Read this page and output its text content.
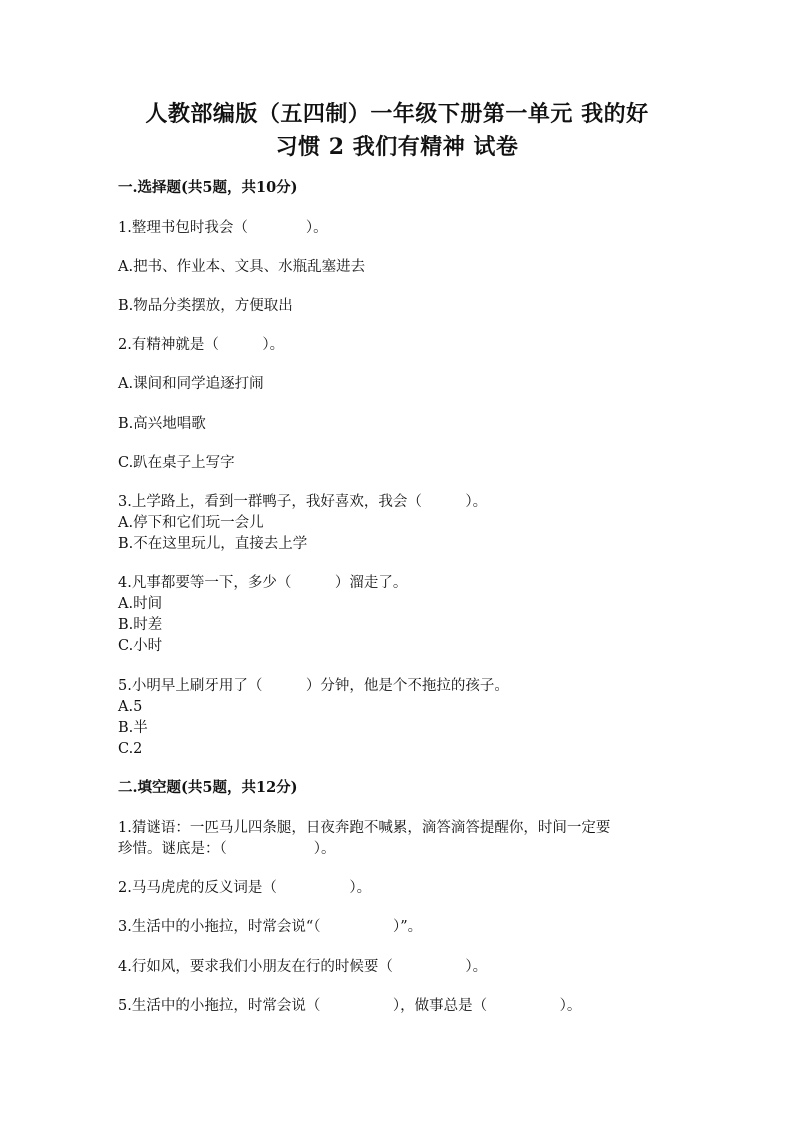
人教部编版（五四制）一年级下册第一单元 我的好
习惯 2 我们有精神 试卷
一.选择题(共5题，共10分)
1.整理书包时我会（　　　　）。
A.把书、作业本、文具、水瓶乱塞进去
B.物品分类摆放，方便取出
2.有精神就是（　　　）。
A.课间和同学追逐打闹
B.高兴地唱歌
C.趴在桌子上写字
3.上学路上，看到一群鸭子，我好喜欢，我会（　　　）。
A.停下和它们玩一会儿
B.不在这里玩儿，直接去上学
4.凡事都要等一下，多少（　　　）溜走了。
A.时间
B.时差
C.小时
5.小明早上刷牙用了（　　　）分钟，他是个不拖拉的孩子。
A.5
B.半
C.2
二.填空题(共5题，共12分)
1.猜谜语：一匹马儿四条腿，日夜奔跑不喊累，滴答滴答提醒你，时间一定要
珍惜。谜底是：（　　　　　　）。
2.马马虎虎的反义词是（　　　　　）。
3.生活中的小拖拉，时常会说“（　　　　　）”。
4.行如风，要求我们小朋友在行的时候要（　　　　　）。
5.生活中的小拖拉，时常会说（　　　　　），做事总是（　　　　　）。
